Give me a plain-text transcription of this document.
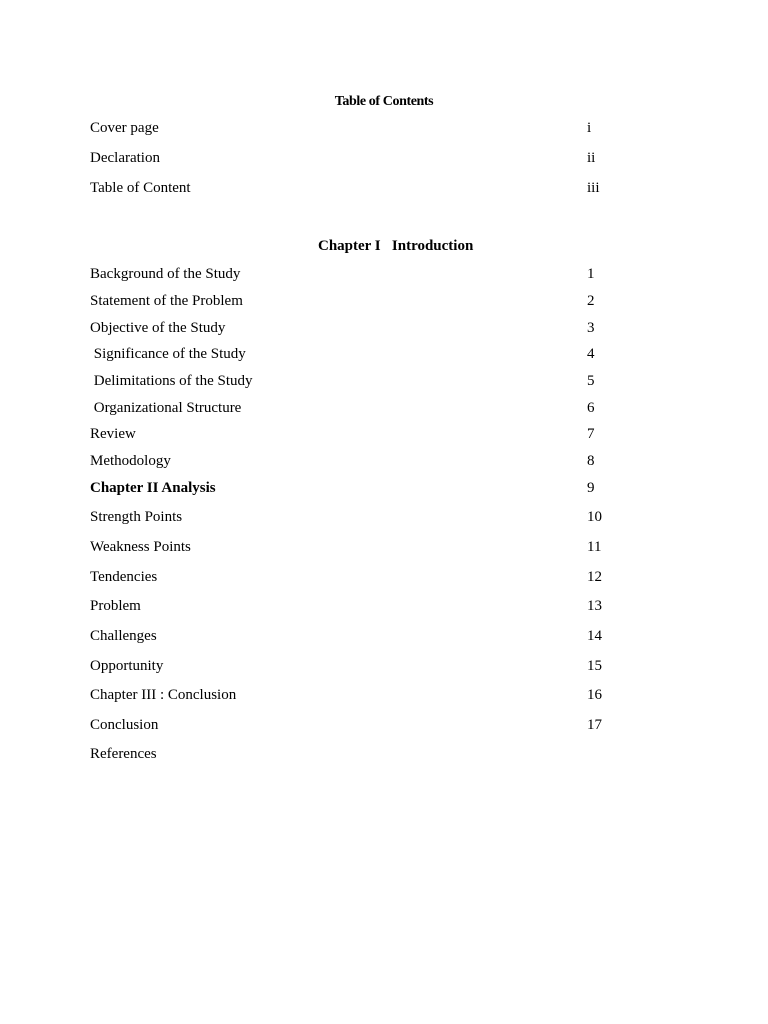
Table of Contents
Cover page	i
Declaration	ii
Table of Content	iii
Chapter I   Introduction
Background of the Study	1
Statement of the Problem	2
Objective of the Study	3
Significance of the Study	4
Delimitations of the Study	5
Organizational Structure	6
Review	7
Methodology	8
Chapter II Analysis	9
Strength Points	10
Weakness Points	11
Tendencies	12
Problem	13
Challenges	14
Opportunity	15
Chapter III : Conclusion	16
Conclusion	17
References
